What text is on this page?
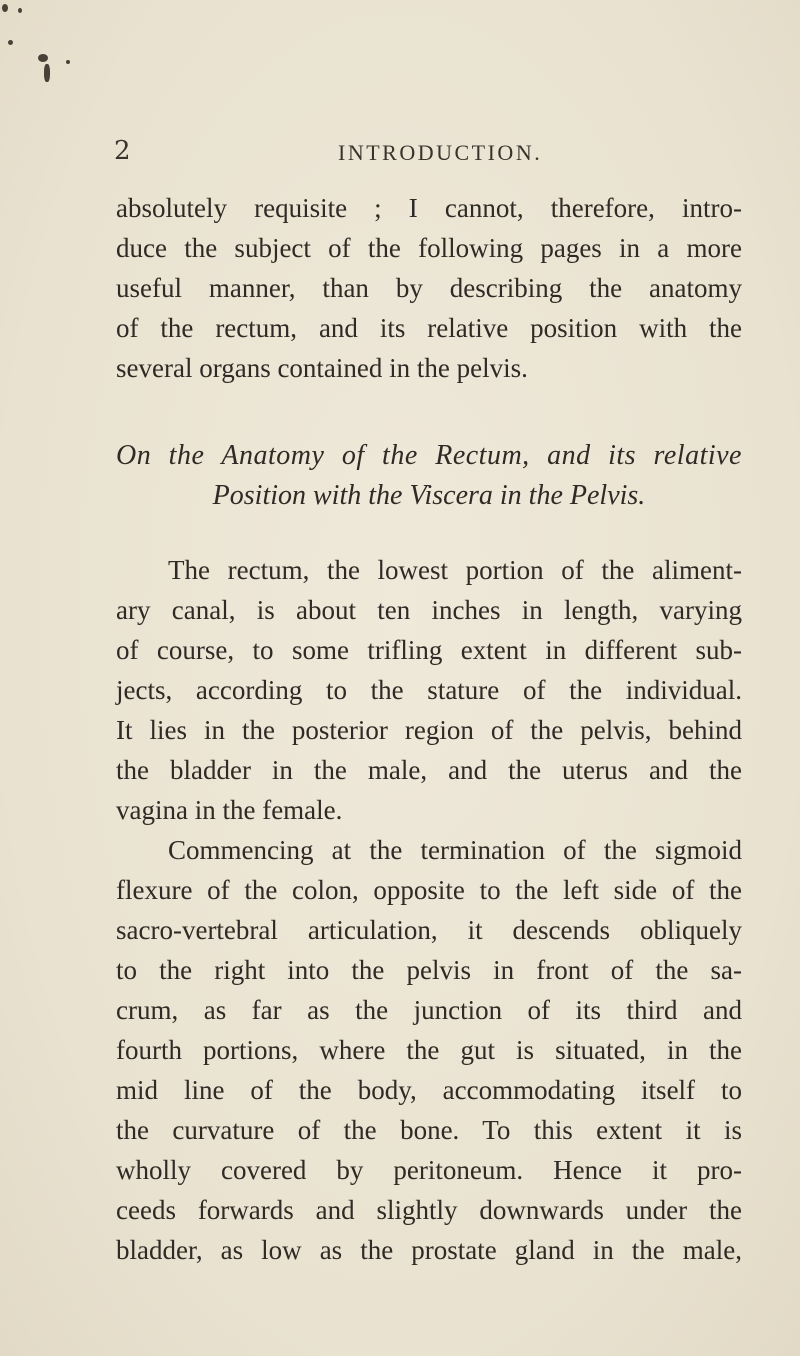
2	INTRODUCTION.
absolutely requisite ; I cannot, therefore, intro-
duce the subject of the following pages in a more
useful manner, than by describing the anatomy
of the rectum, and its relative position with the
several organs contained in the pelvis.
On the Anatomy of the Rectum, and its relative
Position with the Viscera in the Pelvis.
The rectum, the lowest portion of the aliment-
ary canal, is about ten inches in length, varying
of course, to some trifling extent in different sub-
jects, according to the stature of the individual.
It lies in the posterior region of the pelvis, behind
the bladder in the male, and the uterus and the
vagina in the female.
Commencing at the termination of the sigmoid
flexure of the colon, opposite to the left side of the
sacro-vertebral articulation, it descends obliquely
to the right into the pelvis in front of the sa-
crum, as far as the junction of its third and
fourth portions, where the gut is situated, in the
mid line of the body, accommodating itself to
the curvature of the bone. To this extent it is
wholly covered by peritoneum. Hence it pro-
ceeds forwards and slightly downwards under the
bladder, as low as the prostate gland in the male,
